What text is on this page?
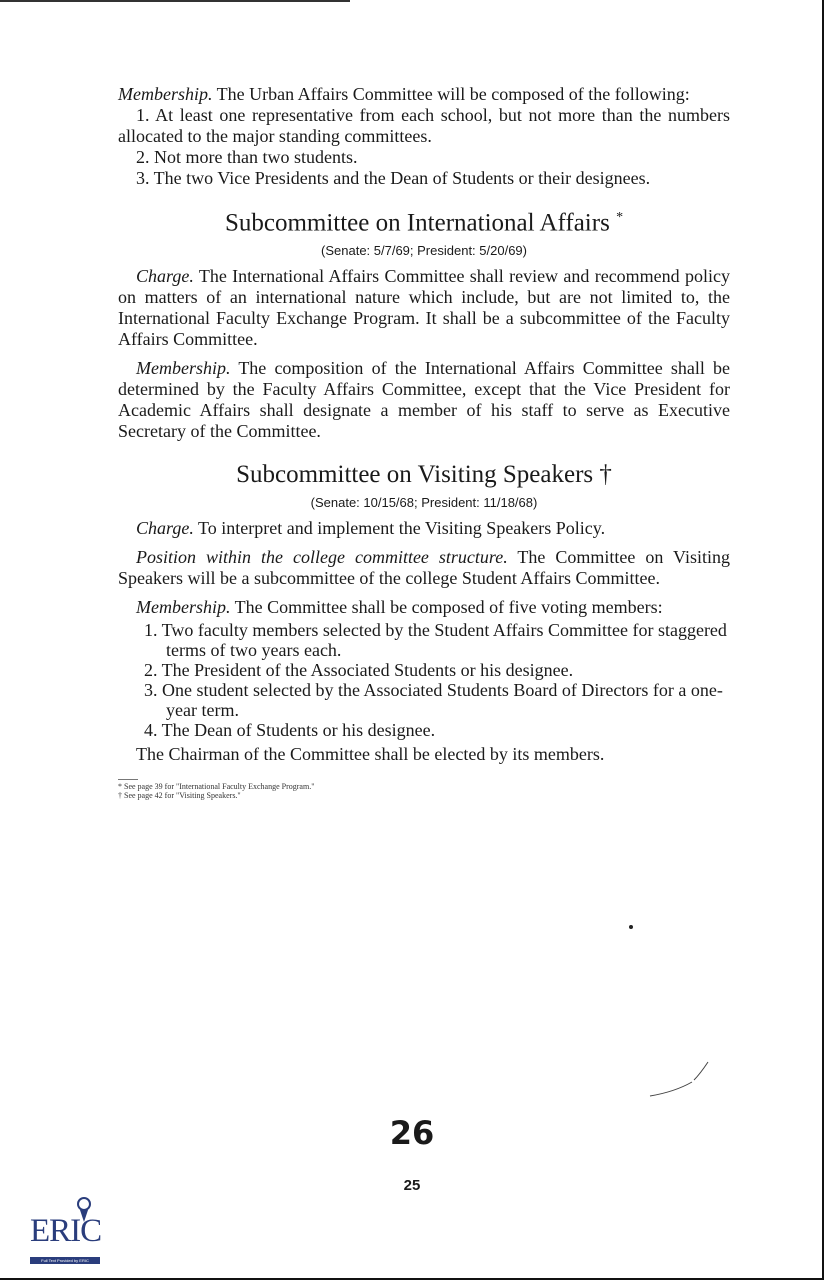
Membership. The Urban Affairs Committee will be composed of the following:

1. At least one representative from each school, but not more than the numbers allocated to the major standing committees.

2. Not more than two students.

3. The two Vice Presidents and the Dean of Students or their designees.

Subcommittee on International Affairs *
(Senate: 5/7/69; President: 5/20/69)

Charge. The International Affairs Committee shall review and recommend policy on matters of an international nature which include, but are not limited to, the International Faculty Exchange Program. It shall be a subcommittee of the Faculty Affairs Committee.

Membership. The composition of the International Affairs Committee shall be determined by the Faculty Affairs Committee, except that the Vice President for Academic Affairs shall designate a member of his staff to serve as Executive Secretary of the Committee.

Subcommittee on Visiting Speakers †
(Senate: 10/15/68; President: 11/18/68)

Charge. To interpret and implement the Visiting Speakers Policy.

Position within the college committee structure. The Committee on Visiting Speakers will be a subcommittee of the college Student Affairs Committee.

Membership. The Committee shall be composed of five voting members:

1. Two faculty members selected by the Student Affairs Committee for staggered terms of two years each.
2. The President of the Associated Students or his designee.
3. One student selected by the Associated Students Board of Directors for a one-year term.
4. The Dean of Students or his designee.

The Chairman of the Committee shall be elected by its members.

* See page 39 for "International Faculty Exchange Program."
† See page 42 for "Visiting Speakers."
26
25
ERIC
Full Text Provided by ERIC
